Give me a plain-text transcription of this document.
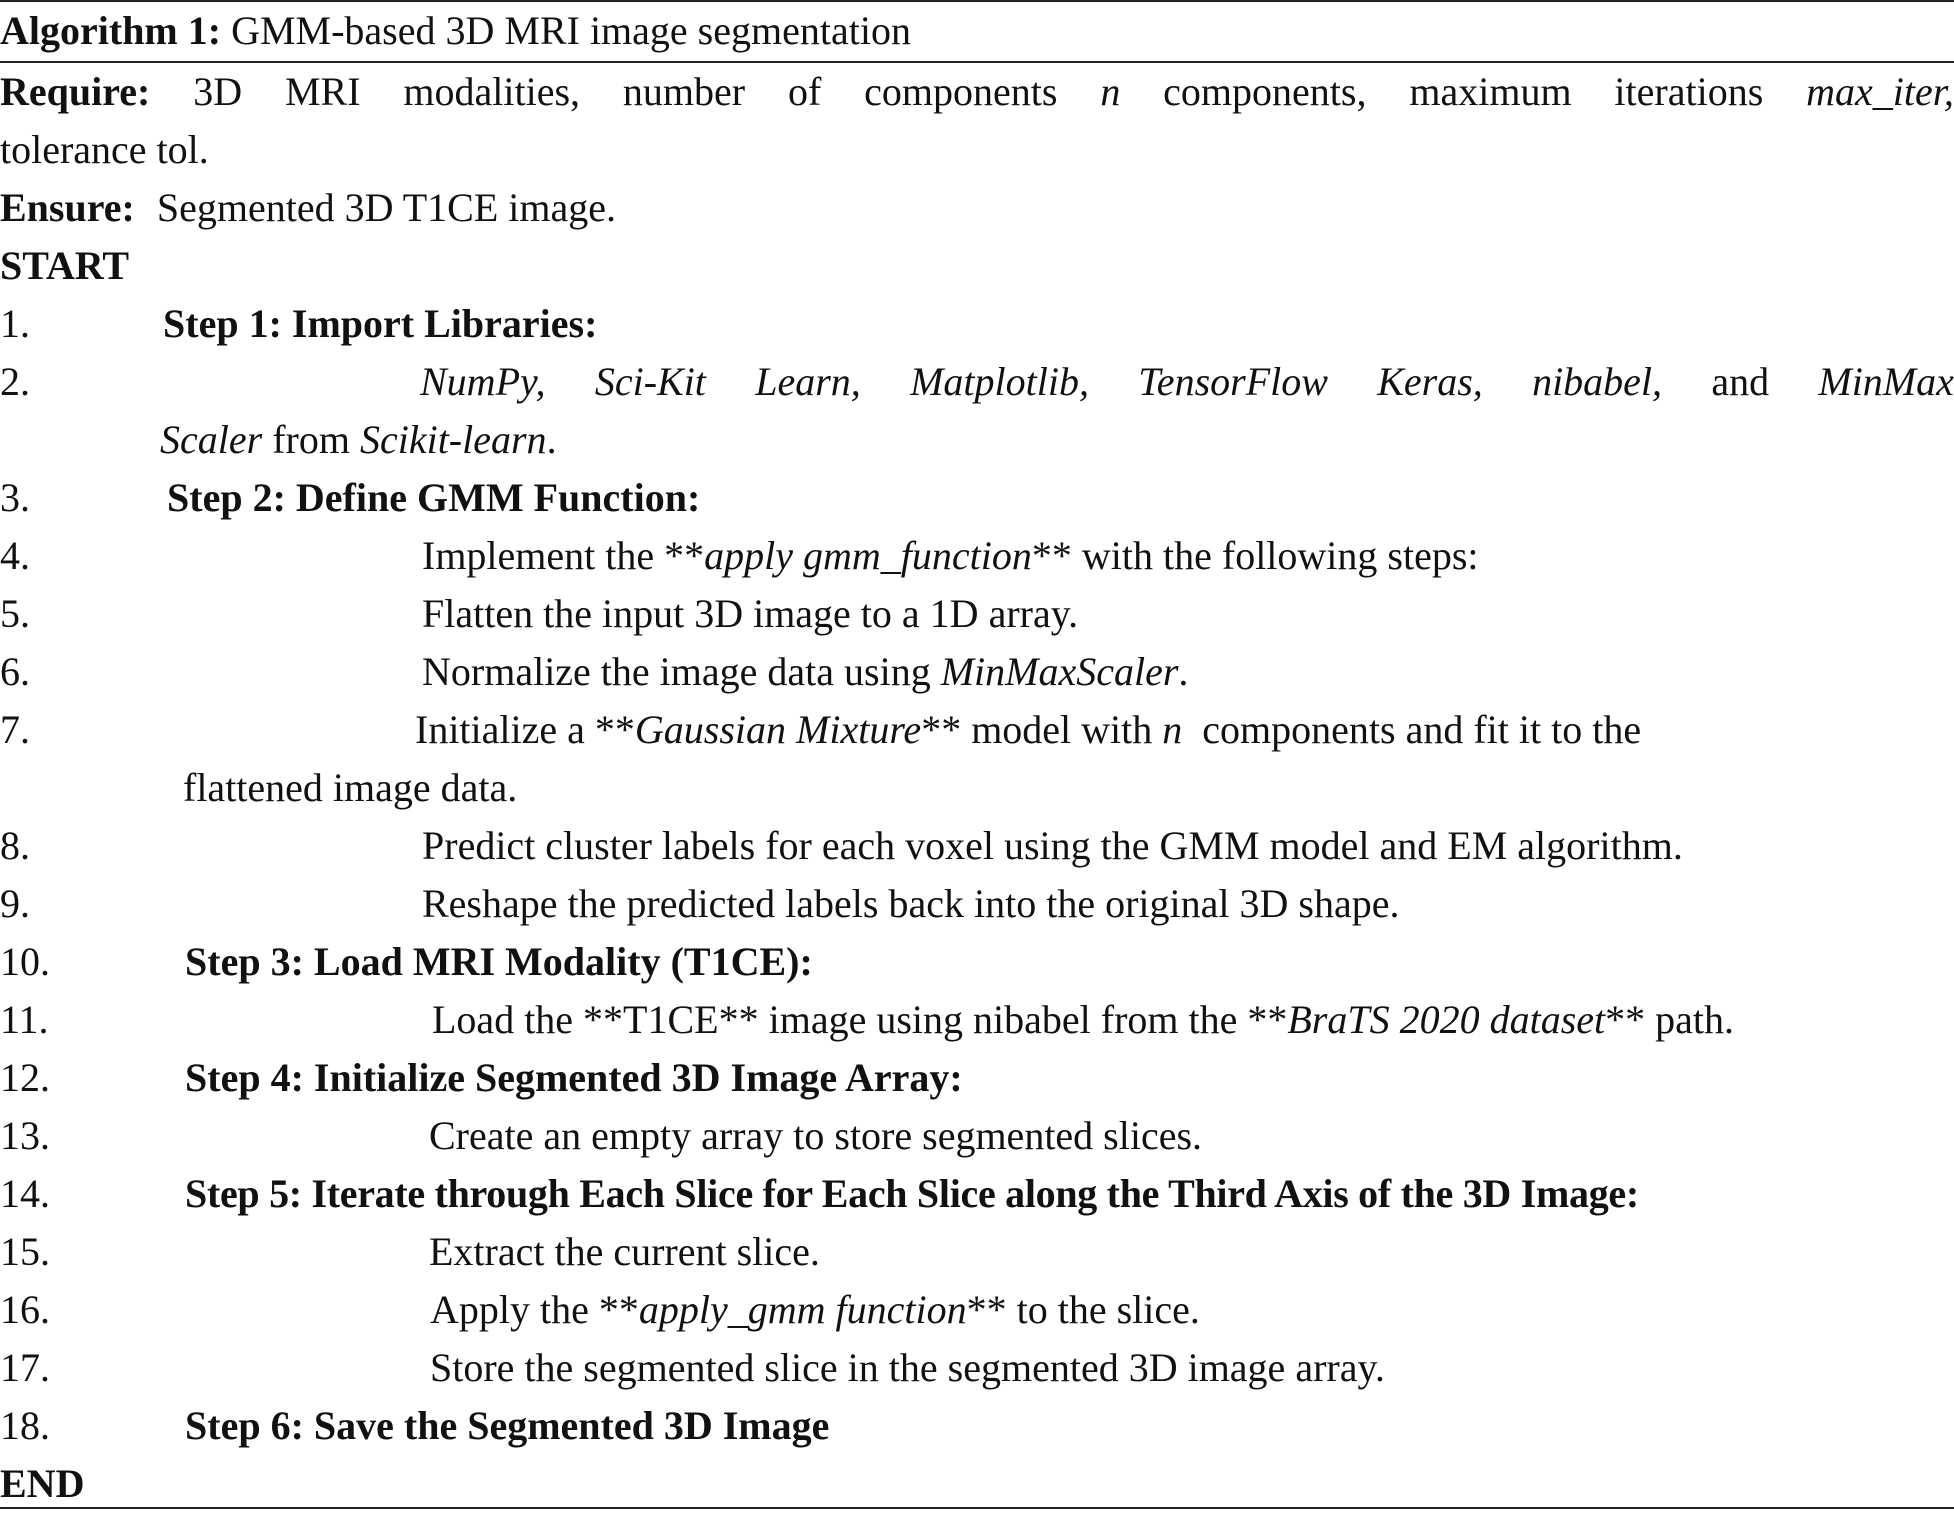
Algorithm 1: GMM-based 3D MRI image segmentation
Require: 3D MRI modalities, number of components n components, maximum iterations max_iter,
tolerance tol.
Ensure: Segmented 3D T1CE image.
START
1.	Step 1: Import Libraries:
2.	NumPy, Sci-Kit Learn, Matplotlib, TensorFlow Keras, nibabel, and MinMax
Scaler from Scikit-learn.
3.	Step 2: Define GMM Function:
4.	Implement the **apply gmm_function** with the following steps:
5.	Flatten the input 3D image to a 1D array.
6.	Normalize the image data using MinMaxScaler.
7.	Initialize a **Gaussian Mixture** model with n  components and fit it to the
flattened image data.
8.	Predict cluster labels for each voxel using the GMM model and EM algorithm.
9.	Reshape the predicted labels back into the original 3D shape.
10.	Step 3: Load MRI Modality (T1CE):
11.	Load the **T1CE** image using nibabel from the **BraTS 2020 dataset** path.
12.	Step 4: Initialize Segmented 3D Image Array:
13.	Create an empty array to store segmented slices.
14.	Step 5: Iterate through Each Slice for Each Slice along the Third Axis of the 3D Image:
15.	Extract the current slice.
16.	Apply the **apply_gmm function** to the slice.
17.	Store the segmented slice in the segmented 3D image array.
18.	Step 6: Save the Segmented 3D Image
END
